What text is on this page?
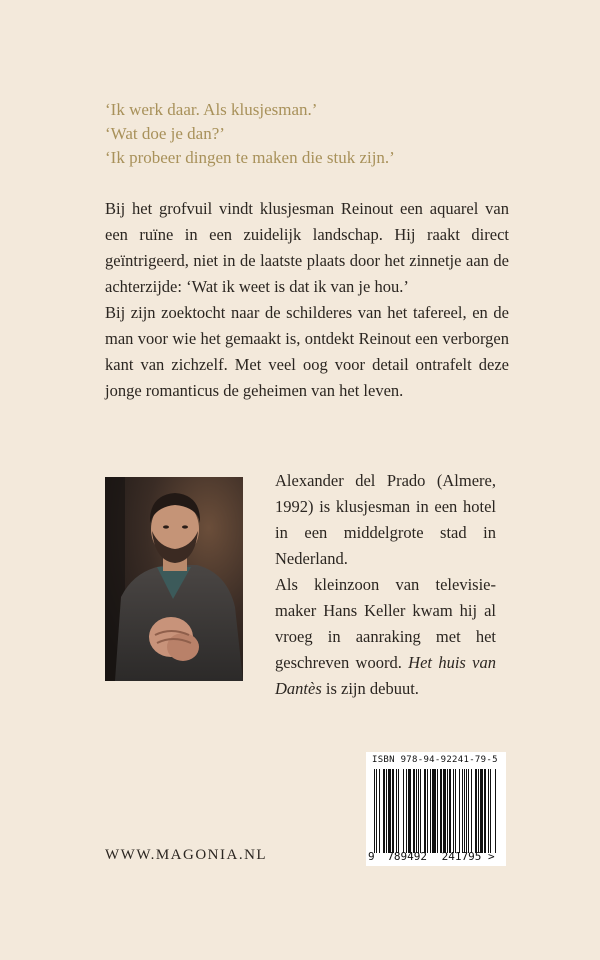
‘Ik werk daar. Als klusjesman.’
‘Wat doe je dan?’
‘Ik probeer dingen te maken die stuk zijn.’

Bij het grofvuil vindt klusjesman Reinout een aquarel van een ruïne in een zuidelijk landschap. Hij raakt direct geïntrigeerd, niet in de laatste plaats door het zinnetje aan de achterzijde: ‘Wat ik weet is dat ik van je hou.’

Bij zijn zoektocht naar de schilderes van het tafereel, en de man voor wie het gemaakt is, ontdekt Reinout een verborgen kant van zichzelf. Met veel oog voor detail ontrafelt deze jonge romanticus de geheimen van het leven.

Alexander del Prado (Almere, 1992) is klusjesman in een hotel in een middelgrote stad in Nederland.

Als kleinzoon van televisie-maker Hans Keller kwam hij al vroeg in aanraking met het geschreven woord. Het huis van Dantès is zijn debuut.

WWW.MAGONIA.NL
ISBN 978-94-92241-79-5
9 789492 241795 >
